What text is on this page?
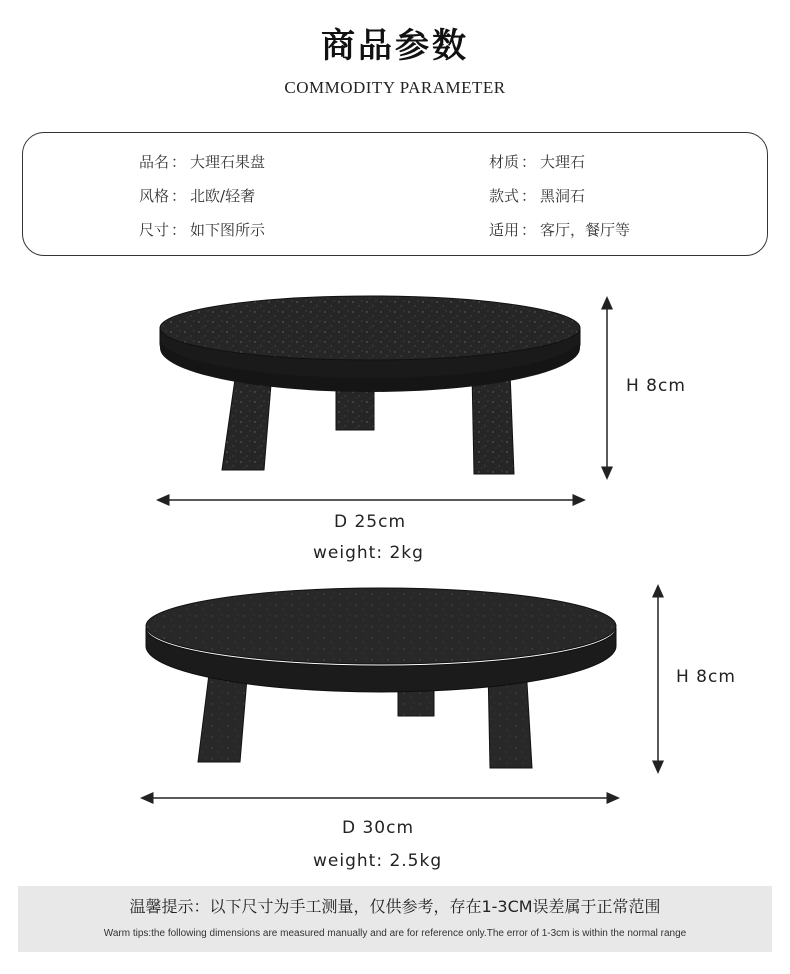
商品参数
COMMODITY PARAMETER
品名 ： 大理石果盘
风格 ： 北欧/轻奢
尺寸 ： 如下图所示
材质 ： 大理石
款式 ： 黑洞石
适用 ： 客厅，餐厅等
H 8cm
D 25cm
weight: 2kg
H 8cm
D 30cm
weight: 2.5kg
温馨提示：以下尺寸为手工测量，仅供参考，存在1-3CM误差属于正常范围
Warm tips:the following dimensions are measured manually and are for reference only.The error of 1-3cm is within the normal range
